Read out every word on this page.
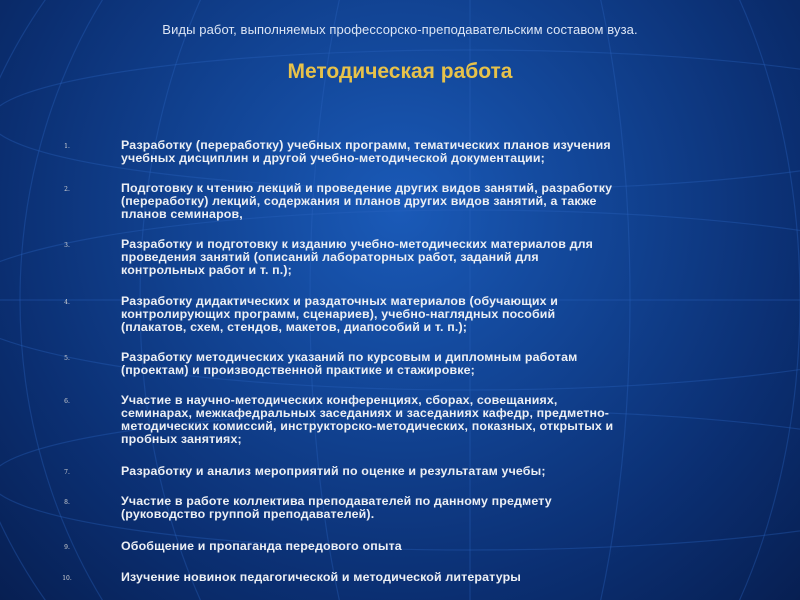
Виды работ, выполняемых профессорско-преподавательским составом вуза.
Методическая работа
1.	Разработку (переработку) учебных программ, тематических планов изучения
учебных дисциплин и другой учебно-методической документации;
2.	Подготовку к чтению лекций и проведение других видов занятий, разработку
(переработку) лекций, содержания и планов других видов занятий, а также
планов семинаров,
3.	Разработку и подготовку к изданию учебно-методических материалов для
проведения занятий (описаний лабораторных работ, заданий для
контрольных работ и т. п.);
4.	Разработку дидактических и раздаточных материалов (обучающих и
контролирующих программ, сценариев), учебно-наглядных пособий
(плакатов, схем, стендов, макетов, диапособий и т. п.);
5.	Разработку методических указаний по курсовым и дипломным работам
(проектам) и производственной практике и стажировке;
6.	Участие в научно-методических конференциях, сборах, совещаниях,
семинарах, межкафедральных заседаниях и заседаниях кафедр, предметно-
методических комиссий, инструкторско-методических, показных, открытых и
пробных занятиях;
7.	Разработку и анализ мероприятий по оценке и результатам учебы;
8.	Участие в работе коллектива преподавателей по данному предмету
(руководство группой преподавателей).
9.	Обобщение и пропаганда передового опыта
10.	Изучение новинок педагогической и методической литературы
